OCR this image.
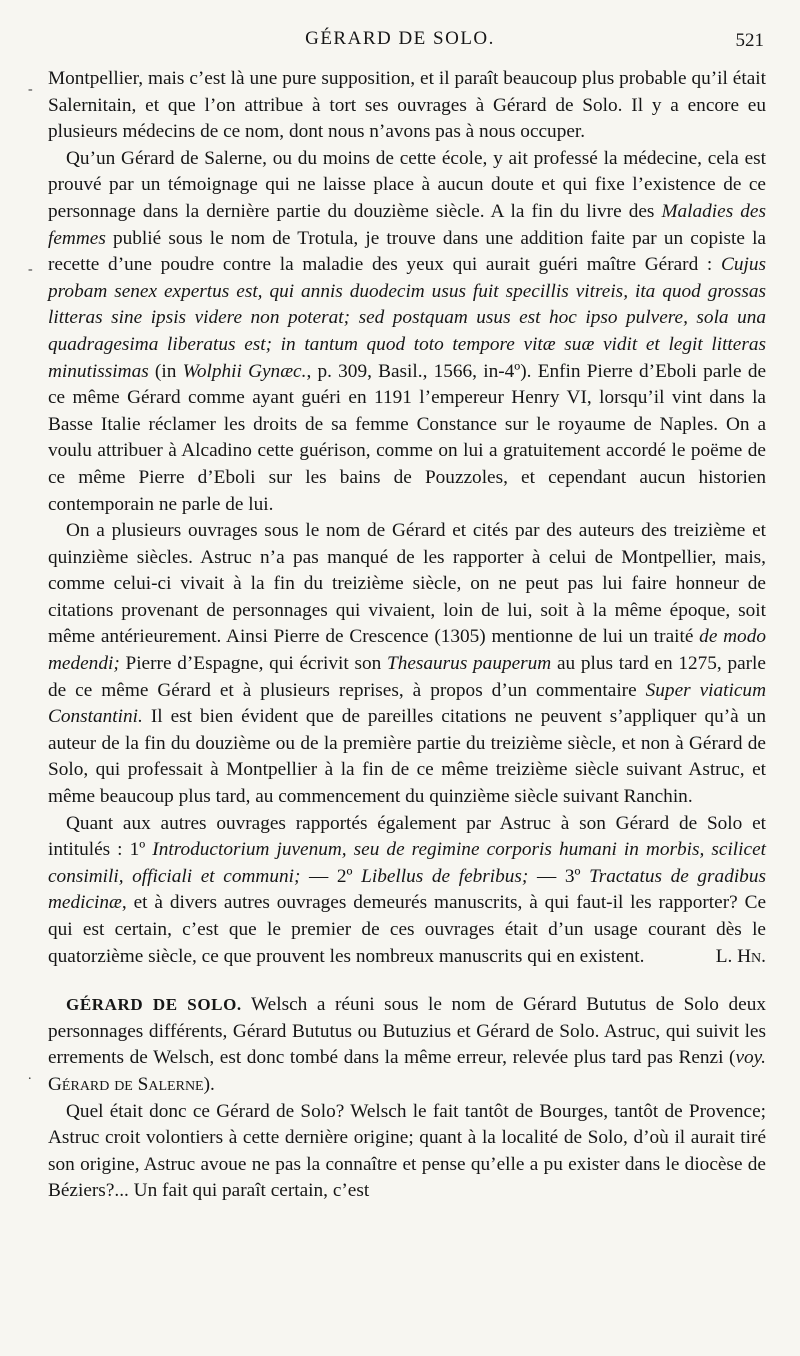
GÉRARD DE SOLO.	521
-
-
.

Montpellier, mais c’est là une pure supposition, et il paraît beaucoup plus probable qu’il était Salernitain, et que l’on attribue à tort ses ouvrages à Gérard de Solo. Il y a encore eu plusieurs médecins de ce nom, dont nous n’avons pas à nous occuper.

Qu’un Gérard de Salerne, ou du moins de cette école, y ait professé la médecine, cela est prouvé par un témoignage qui ne laisse place à aucun doute et qui fixe l’existence de ce personnage dans la dernière partie du douzième siècle. A la fin du livre des Maladies des femmes publié sous le nom de Trotula, je trouve dans une addition faite par un copiste la recette d’une poudre contre la maladie des yeux qui aurait guéri maître Gérard : Cujus probam senex expertus est, qui annis duodecim usus fuit specillis vitreis, ita quod grossas litteras sine ipsis videre non poterat; sed postquam usus est hoc ipso pulvere, sola una quadragesima liberatus est; in tantum quod toto tempore vitæ suæ vidit et legit litteras minutissimas (in Wolphii Gynæc., p. 309, Basil., 1566, in-4º). Enfin Pierre d’Eboli parle de ce même Gérard comme ayant guéri en 1191 l’empereur Henry VI, lorsqu’il vint dans la Basse Italie réclamer les droits de sa femme Constance sur le royaume de Naples. On a voulu attribuer à Alcadino cette guérison, comme on lui a gratuitement accordé le poëme de ce même Pierre d’Eboli sur les bains de Pouzzoles, et cependant aucun historien contemporain ne parle de lui.

On a plusieurs ouvrages sous le nom de Gérard et cités par des auteurs des treizième et quinzième siècles. Astruc n’a pas manqué de les rapporter à celui de Montpellier, mais, comme celui-ci vivait à la fin du treizième siècle, on ne peut pas lui faire honneur de citations provenant de personnages qui vivaient, loin de lui, soit à la même époque, soit même antérieurement. Ainsi Pierre de Crescence (1305) mentionne de lui un traité de modo medendi; Pierre d’Espagne, qui écrivit son Thesaurus pauperum au plus tard en 1275, parle de ce même Gérard et à plusieurs reprises, à propos d’un commentaire Super viaticum Constantini. Il est bien évident que de pareilles citations ne peuvent s’appliquer qu’à un auteur de la fin du douzième ou de la première partie du treizième siècle, et non à Gérard de Solo, qui professait à Montpellier à la fin de ce même treizième siècle suivant Astruc, et même beaucoup plus tard, au commencement du quinzième siècle suivant Ranchin.

Quant aux autres ouvrages rapportés également par Astruc à son Gérard de Solo et intitulés : 1º Introductorium juvenum, seu de regimine corporis humani in morbis, scilicet consimili, officiali et communi; — 2º Libellus de febribus; — 3º Tractatus de gradibus medicinæ, et à divers autres ouvrages demeurés manuscrits, à qui faut-il les rapporter? Ce qui est certain, c’est que le premier de ces ouvrages était d’un usage courant dès le quatorzième siècle, ce que prouvent les nombreux manuscrits qui en existent.	L. Hn.

GÉRARD DE SOLO. Welsch a réuni sous le nom de Gérard Bututus de Solo deux personnages différents, Gérard Bututus ou Butuzius et Gérard de Solo. Astruc, qui suivit les errements de Welsch, est donc tombé dans la même erreur, relevée plus tard pas Renzi (voy. Gérard de Salerne).

Quel était donc ce Gérard de Solo? Welsch le fait tantôt de Bourges, tantôt de Provence; Astruc croit volontiers à cette dernière origine; quant à la localité de Solo, d’où il aurait tiré son origine, Astruc avoue ne pas la connaître et pense qu’elle a pu exister dans le diocèse de Béziers?... Un fait qui paraît certain, c’est
